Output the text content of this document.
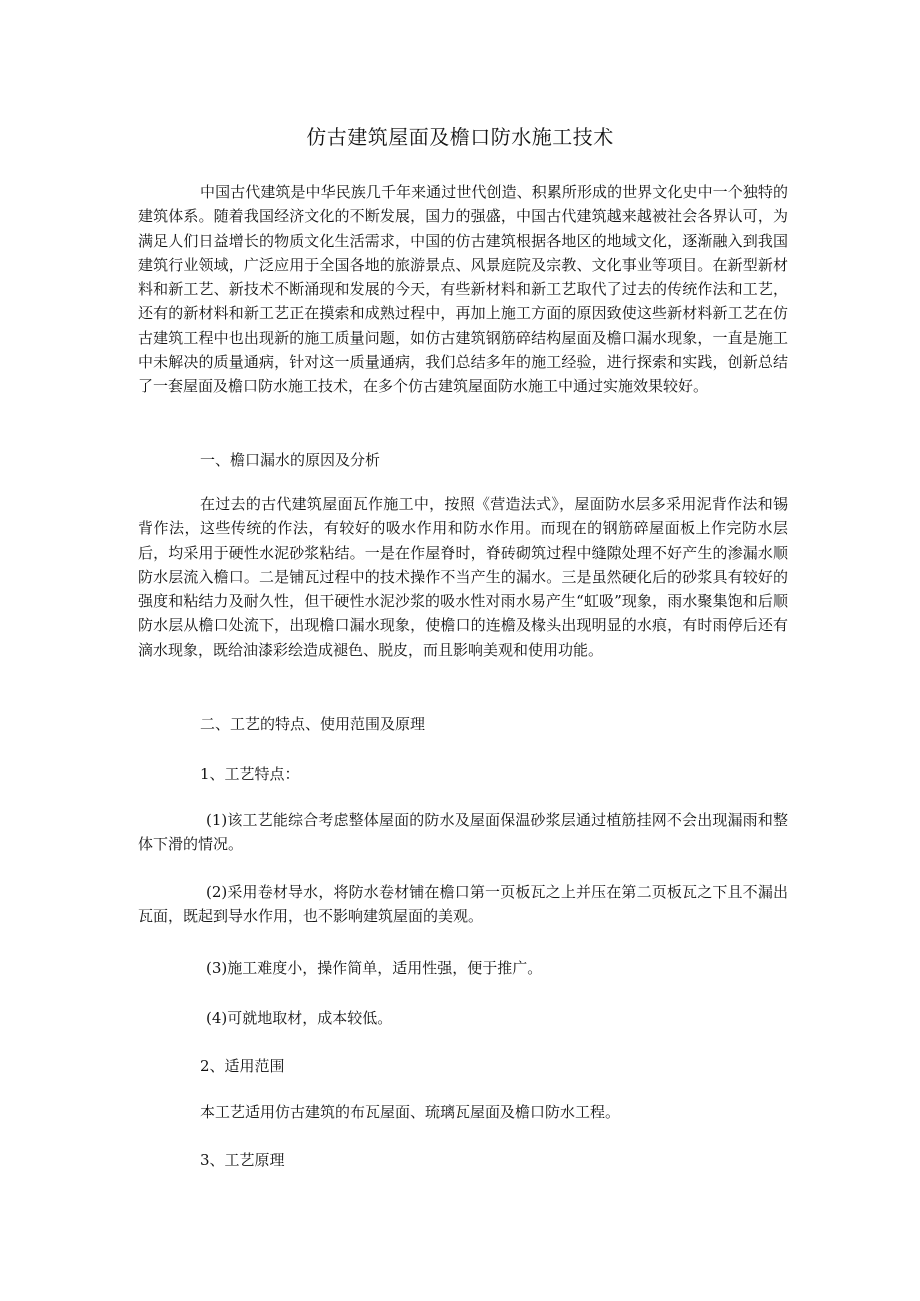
仿古建筑屋面及檐口防水施工技术

中国古代建筑是中华民族几千年来通过世代创造、积累所形成的世界文化史中一个独特的建筑体系。随着我国经济文化的不断发展，国力的强盛，中国古代建筑越来越被社会各界认可，为满足人们日益增长的物质文化生活需求，中国的仿古建筑根据各地区的地域文化，逐渐融入到我国建筑行业领域，广泛应用于全国各地的旅游景点、风景庭院及宗教、文化事业等项目。在新型新材料和新工艺、新技术不断涌现和发展的今天，有些新材料和新工艺取代了过去的传统作法和工艺，还有的新材料和新工艺正在摸索和成熟过程中，再加上施工方面的原因致使这些新材料新工艺在仿古建筑工程中也出现新的施工质量问题，如仿古建筑钢筋碎结构屋面及檐口漏水现象，一直是施工中未解决的质量通病，针对这一质量通病，我们总结多年的施工经验，进行探索和实践，创新总结了一套屋面及檐口防水施工技术，在多个仿古建筑屋面防水施工中通过实施效果较好。

一、檐口漏水的原因及分析

在过去的古代建筑屋面瓦作施工中，按照《营造法式》，屋面防水层多采用泥背作法和锡背作法，这些传统的作法，有较好的吸水作用和防水作用。而现在的钢筋碎屋面板上作完防水层后，均采用于硬性水泥砂浆粘结。一是在作屋脊时，脊砖砌筑过程中缝隙处理不好产生的渗漏水顺防水层流入檐口。二是铺瓦过程中的技术操作不当产生的漏水。三是虽然硬化后的砂浆具有较好的强度和粘结力及耐久性，但干硬性水泥沙浆的吸水性对雨水易产生“虹吸”现象，雨水聚集饱和后顺防水层从檐口处流下，出现檐口漏水现象，使檐口的连檐及椽头出现明显的水痕，有时雨停后还有滴水现象，既给油漆彩绘造成褪色、脱皮，而且影响美观和使用功能。

二、工艺的特点、使用范围及原理

1、工艺特点：

(1)该工艺能综合考虑整体屋面的防水及屋面保温砂浆层通过植筋挂网不会出现漏雨和整体下滑的情况。

(2)采用卷材导水，将防水卷材铺在檐口第一页板瓦之上并压在第二页板瓦之下且不漏出瓦面，既起到导水作用，也不影响建筑屋面的美观。

(3)施工难度小，操作简单，适用性强，便于推广。

(4)可就地取材，成本较低。

2、适用范围

本工艺适用仿古建筑的布瓦屋面、琉璃瓦屋面及檐口防水工程。

3、工艺原理
